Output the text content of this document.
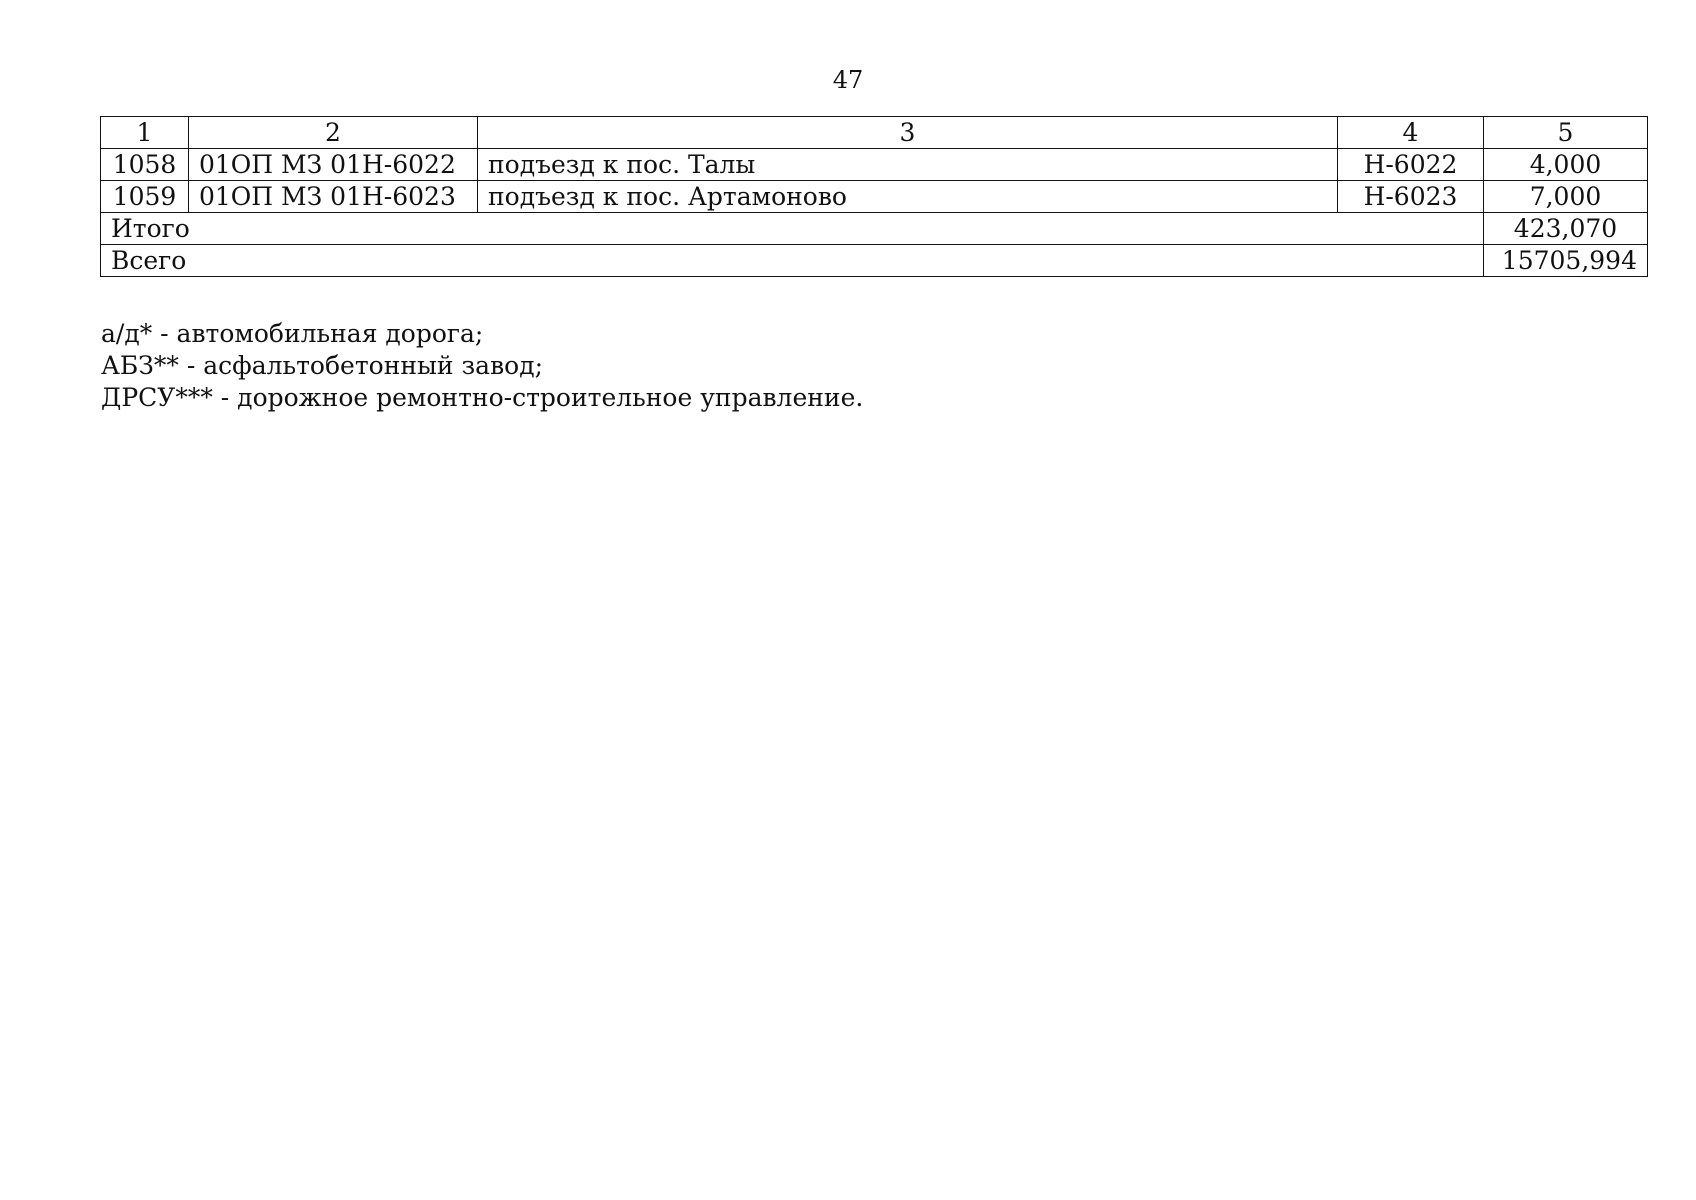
47
1	2	3	4	5
1058	01ОП МЗ 01Н-6022	подъезд к пос. Талы	Н-6022	4,000
1059	01ОП МЗ 01Н-6023	подъезд к пос. Артамоново	Н-6023	7,000
Итого				423,070
Всего				15705,994
а/д* - автомобильная дорога;
АБЗ** - асфальтобетонный завод;
ДРСУ*** - дорожное ремонтно-строительное управление.
